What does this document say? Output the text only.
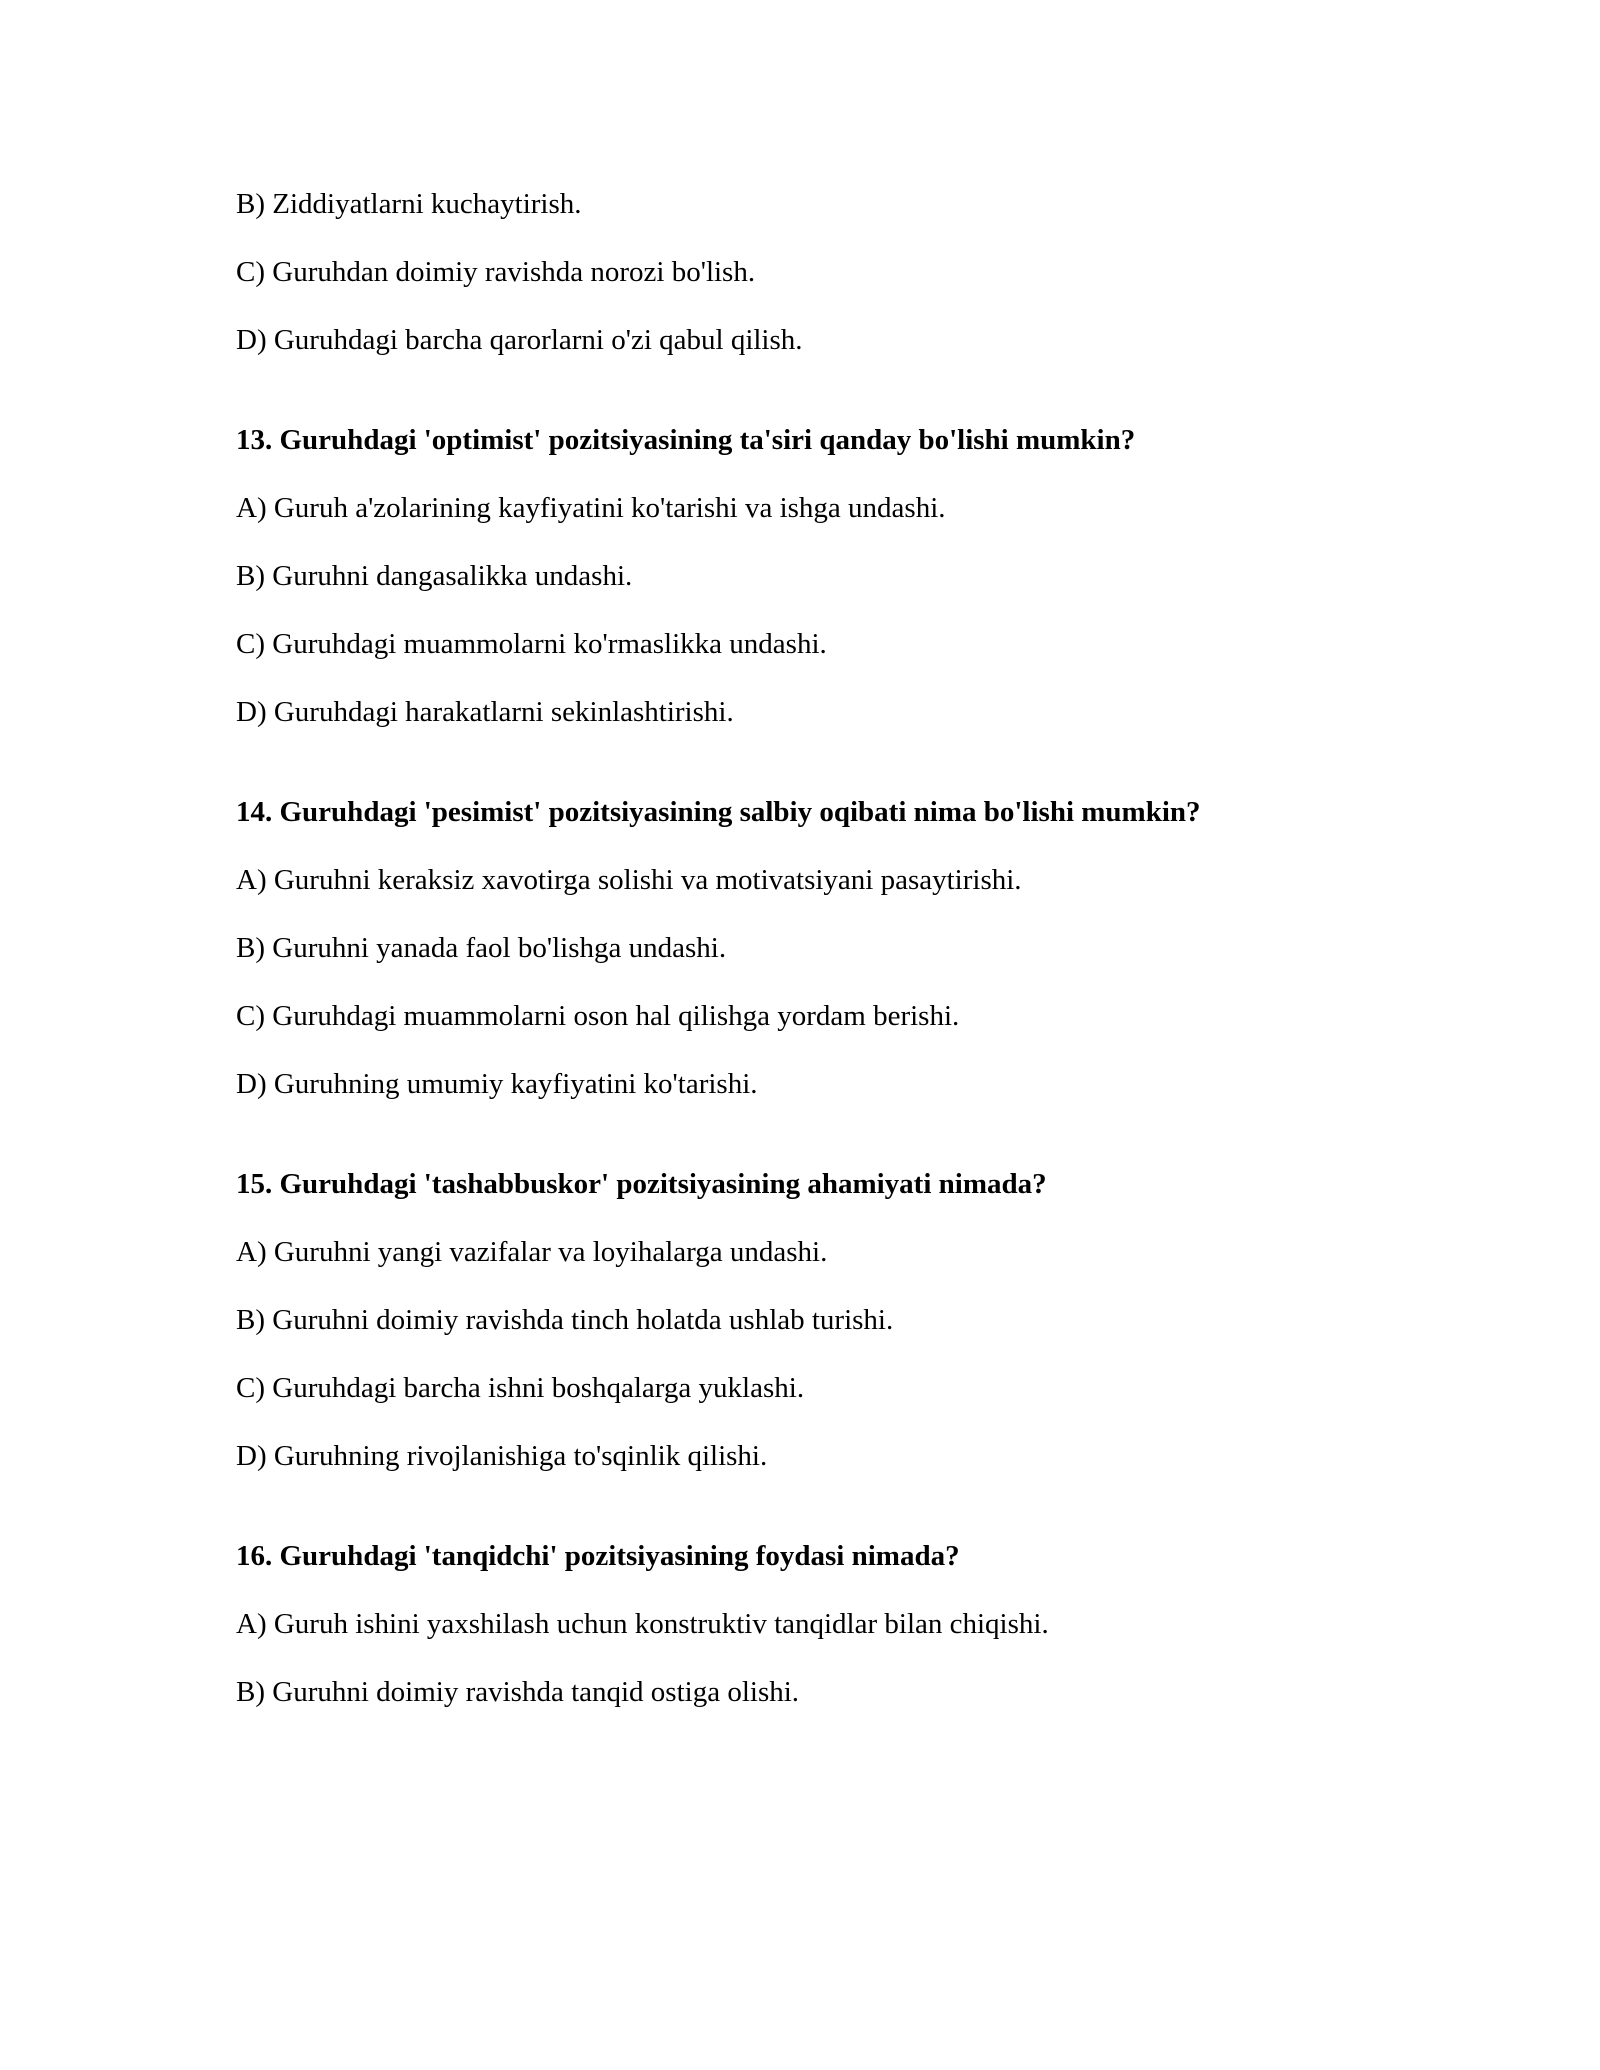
B) Ziddiyatlarni kuchaytirish.

C) Guruhdan doimiy ravishda norozi bo'lish.

D) Guruhdagi barcha qarorlarni o'zi qabul qilish.

13. Guruhdagi 'optimist' pozitsiyasining ta'siri qanday bo'lishi mumkin?

A) Guruh a'zolarining kayfiyatini ko'tarishi va ishga undashi.

B) Guruhni dangasalikka undashi.

C) Guruhdagi muammolarni ko'rmaslikka undashi.

D) Guruhdagi harakatlarni sekinlashtirishi.

14. Guruhdagi 'pesimist' pozitsiyasining salbiy oqibati nima bo'lishi mumkin?

A) Guruhni keraksiz xavotirga solishi va motivatsiyani pasaytirishi.

B) Guruhni yanada faol bo'lishga undashi.

C) Guruhdagi muammolarni oson hal qilishga yordam berishi.

D) Guruhning umumiy kayfiyatini ko'tarishi.

15. Guruhdagi 'tashabbuskor' pozitsiyasining ahamiyati nimada?

A) Guruhni yangi vazifalar va loyihalarga undashi.

B) Guruhni doimiy ravishda tinch holatda ushlab turishi.

C) Guruhdagi barcha ishni boshqalarga yuklashi.

D) Guruhning rivojlanishiga to'sqinlik qilishi.

16. Guruhdagi 'tanqidchi' pozitsiyasining foydasi nimada?

A) Guruh ishini yaxshilash uchun konstruktiv tanqidlar bilan chiqishi.

B) Guruhni doimiy ravishda tanqid ostiga olishi.
